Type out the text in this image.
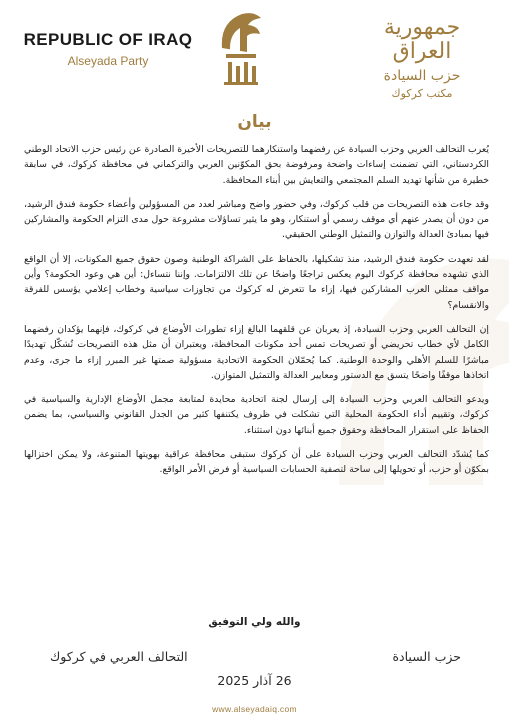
REPUBLIC OF IRAQ
Alseyada Party
جمهورية العراق
حزب السيادة
مكتب كركوك
بيان

يُعرب التحالف العربي وحزب السيادة عن رفضهما واستنكارهما للتصريحات الأخيرة الصادرة عن رئيس حزب الاتحاد الوطني الكردستاني، التي تضمنت إساءات واضحة ومرفوضة بحق المكوّنين العربي والتركماني في محافظة كركوك، في سابقة خطيرة من شأنها تهديد السلم المجتمعي والتعايش بين أبناء المحافظة.

وقد جاءت هذه التصريحات من قلب كركوك، وفي حضور واضح ومباشر لعدد من المسؤولين وأعضاء حكومة فندق الرشيد، من دون أن يصدر عنهم أي موقف رسمي أو استنكار، وهو ما يثير تساؤلات مشروعة حول مدى التزام الحكومة والمشاركين فيها بمبادئ العدالة والتوازن والتمثيل الوطني الحقيقي.

لقد تعهدت حكومة فندق الرشيد، منذ تشكيلها، بالحفاظ على الشراكة الوطنية وصون حقوق جميع المكونات، إلا أن الواقع الذي تشهده محافظة كركوك اليوم يعكس تراجعًا واضحًا عن تلك الالتزامات. وإننا نتساءل: أين هي وعود الحكومة؟ وأين مواقف ممثلي العرب المشاركين فيها، إزاء ما تتعرض له كركوك من تجاوزات سياسية وخطاب إعلامي يؤسس للفرقة والانقسام؟

إن التحالف العربي وحزب السيادة، إذ يعربان عن قلقهما البالغ إزاء تطورات الأوضاع في كركوك، فإنهما يؤكدان رفضهما الكامل لأي خطاب تحريضي أو تصريحات تمس أحد مكونات المحافظة، ويعتبران أن مثل هذه التصريحات تُشكّل تهديدًا مباشرًا للسلم الأهلي والوحدة الوطنية. كما يُحمّلان الحكومة الاتحادية مسؤولية صمتها غير المبرر إزاء ما جرى، وعدم اتخاذها موقفًا واضحًا يتسق مع الدستور ومعايير العدالة والتمثيل المتوازن.

ويدعو التحالف العربي وحزب السيادة إلى إرسال لجنة اتحادية محايدة لمتابعة مجمل الأوضاع الإدارية والسياسية في كركوك، وتقييم أداء الحكومة المحلية التي تشكلت في ظروف يكتنفها كثير من الجدل القانوني والسياسي، بما يضمن الحفاظ على استقرار المحافظة وحقوق جميع أبنائها دون استثناء.

كما يُشدّد التحالف العربي وحزب السيادة على أن كركوك ستبقى محافظة عراقية بهويتها المتنوعة، ولا يمكن اختزالها بمكوّن أو حزب، أو تحويلها إلى ساحة لتصفية الحسابات السياسية أو فرض الأمر الواقع.

والله ولي التوفيق
حزب السيادة
التحالف العربي في كركوك
26 آذار 2025
www.alseyadaiq.com
